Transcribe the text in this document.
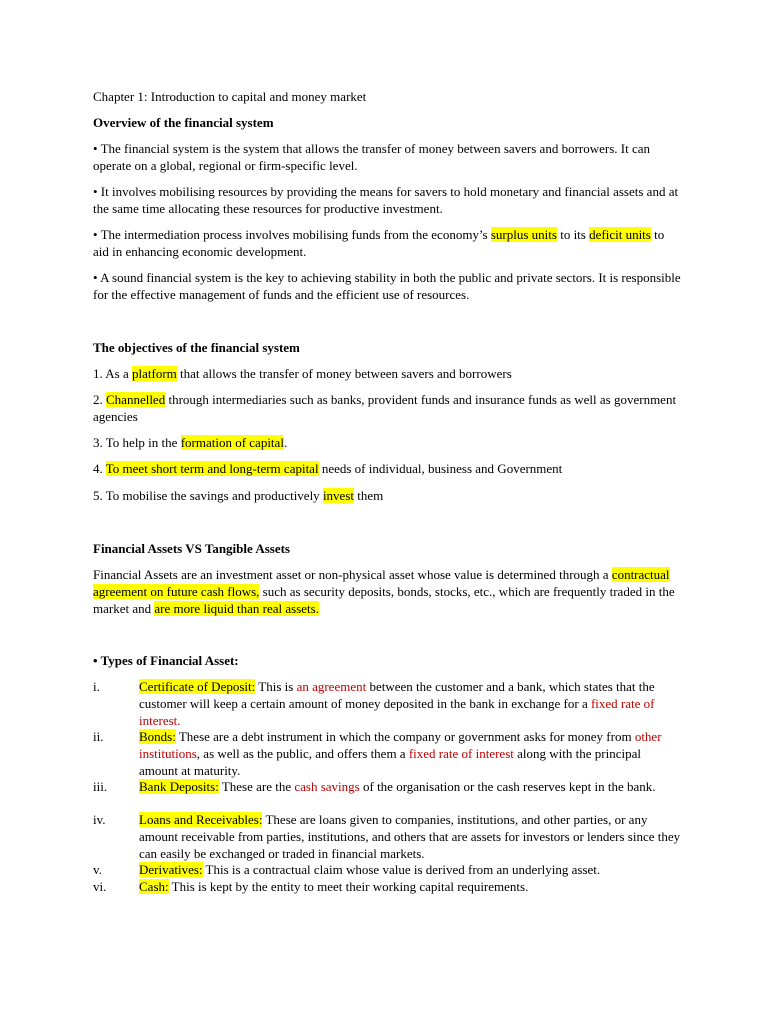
Chapter 1: Introduction to capital and money market

Overview of the financial system

• The financial system is the system that allows the transfer of money between savers and borrowers. It can operate on a global, regional or firm-specific level.

• It involves mobilising resources by providing the means for savers to hold monetary and financial assets and at the same time allocating these resources for productive investment.

• The intermediation process involves mobilising funds from the economy’s surplus units to its deficit units to aid in enhancing economic development.

• A sound financial system is the key to achieving stability in both the public and private sectors. It is responsible for the effective management of funds and the efficient use of resources.

The objectives of the financial system

1. As a platform that allows the transfer of money between savers and borrowers

2. Channelled through intermediaries such as banks, provident funds and insurance funds as well as government agencies

3. To help in the formation of capital.

4. To meet short term and long-term capital needs of individual, business and Government

5. To mobilise the savings and productively invest them

Financial Assets VS Tangible Assets

Financial Assets are an investment asset or non-physical asset whose value is determined through a contractual agreement on future cash flows, such as security deposits, bonds, stocks, etc., which are frequently traded in the market and are more liquid than real assets.

• Types of Financial Asset:

i.	Certificate of Deposit: This is an agreement between the customer and a bank, which states that the customer will keep a certain amount of money deposited in the bank in exchange for a fixed rate of interest.
ii.	Bonds: These are a debt instrument in which the company or government asks for money from other institutions, as well as the public, and offers them a fixed rate of interest along with the principal amount at maturity.
iii. Bank Deposits: These are the cash savings of the organisation or the cash reserves kept in the bank.
iv.	Loans and Receivables: These are loans given to companies, institutions, and other parties, or any amount receivable from parties, institutions, and others that are assets for investors or lenders since they can easily be exchanged or traded in financial markets.
v.	Derivatives: This is a contractual claim whose value is derived from an underlying asset.
vi.	Cash: This is kept by the entity to meet their working capital requirements.
